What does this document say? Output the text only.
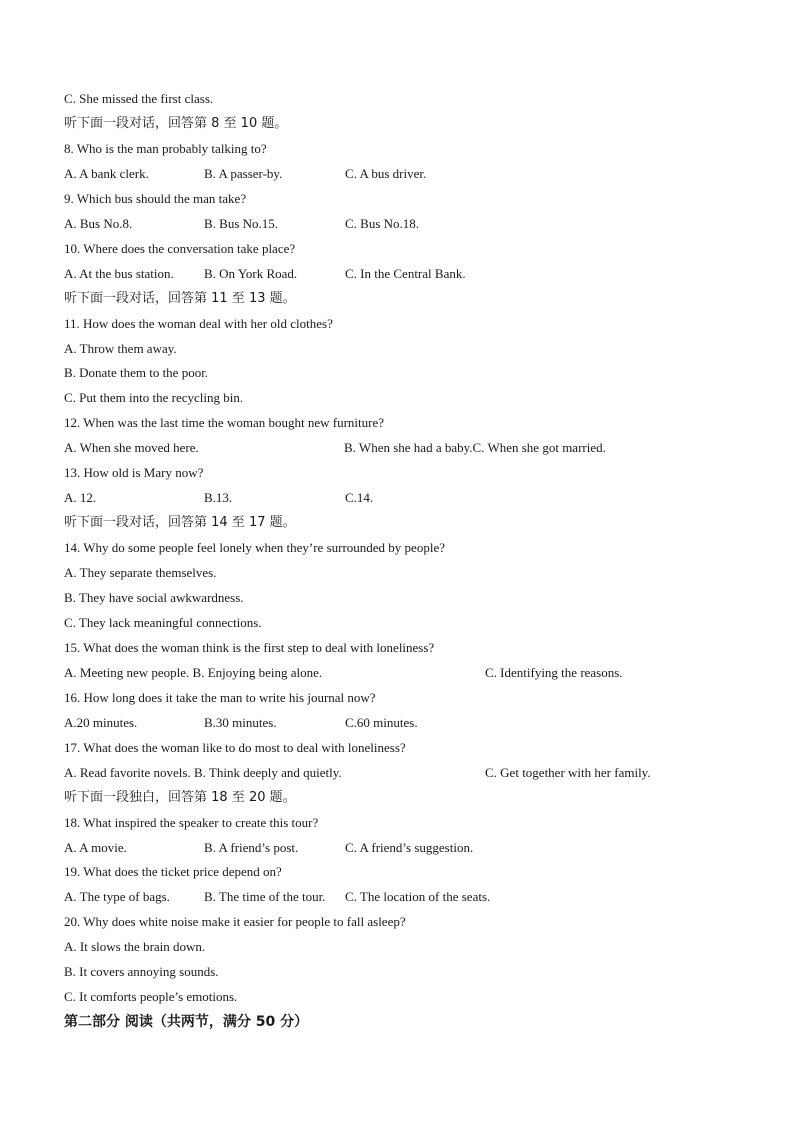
C. She missed the first class.
听下面一段对话，回答第 8 至 10 题。
8. Who is the man probably talking to?
A. A bank clerk.	B. A passer-by.	C. A bus driver.
9. Which bus should the man take?
A. Bus No.8.	B. Bus No.15.	C. Bus No.18.
10. Where does the conversation take place?
A. At the bus station. B. On York Road.	C. In the Central Bank.
听下面一段对话，回答第 11 至 13 题。
11. How does the woman deal with her old clothes?
A. Throw them away.
B. Donate them to the poor.
C. Put them into the recycling bin.
12. When was the last time the woman bought new furniture?
A. When she moved here.	B. When she had a baby.C. When she got married.
13. How old is Mary now?
A. 12.	B.13.	C.14.
听下面一段对话，回答第 14 至 17 题。
14. Why do some people feel lonely when they’re surrounded by people?
A. They separate themselves.
B. They have social awkwardness.
C. They lack meaningful connections.
15. What does the woman think is the first step to deal with loneliness?
A. Meeting new people. B. Enjoying being alone.	C. Identifying the reasons.
16. How long does it take the man to write his journal now?
A.20 minutes.	B.30 minutes.	C.60 minutes.
17. What does the woman like to do most to deal with loneliness?
A. Read favorite novels. B. Think deeply and quietly.	C. Get together with her family.
听下面一段独白，回答第 18 至 20 题。
18. What inspired the speaker to create this tour?
A. A movie.	B. A friend’s post.	C. A friend’s suggestion.
19. What does the ticket price depend on?
A. The type of bags.	B. The time of the tour. C. The location of the seats.
20. Why does white noise make it easier for people to fall asleep?
A. It slows the brain down.
B. It covers annoying sounds.
C. It comforts people’s emotions.
第二部分 阅读（共两节，满分 50 分）
